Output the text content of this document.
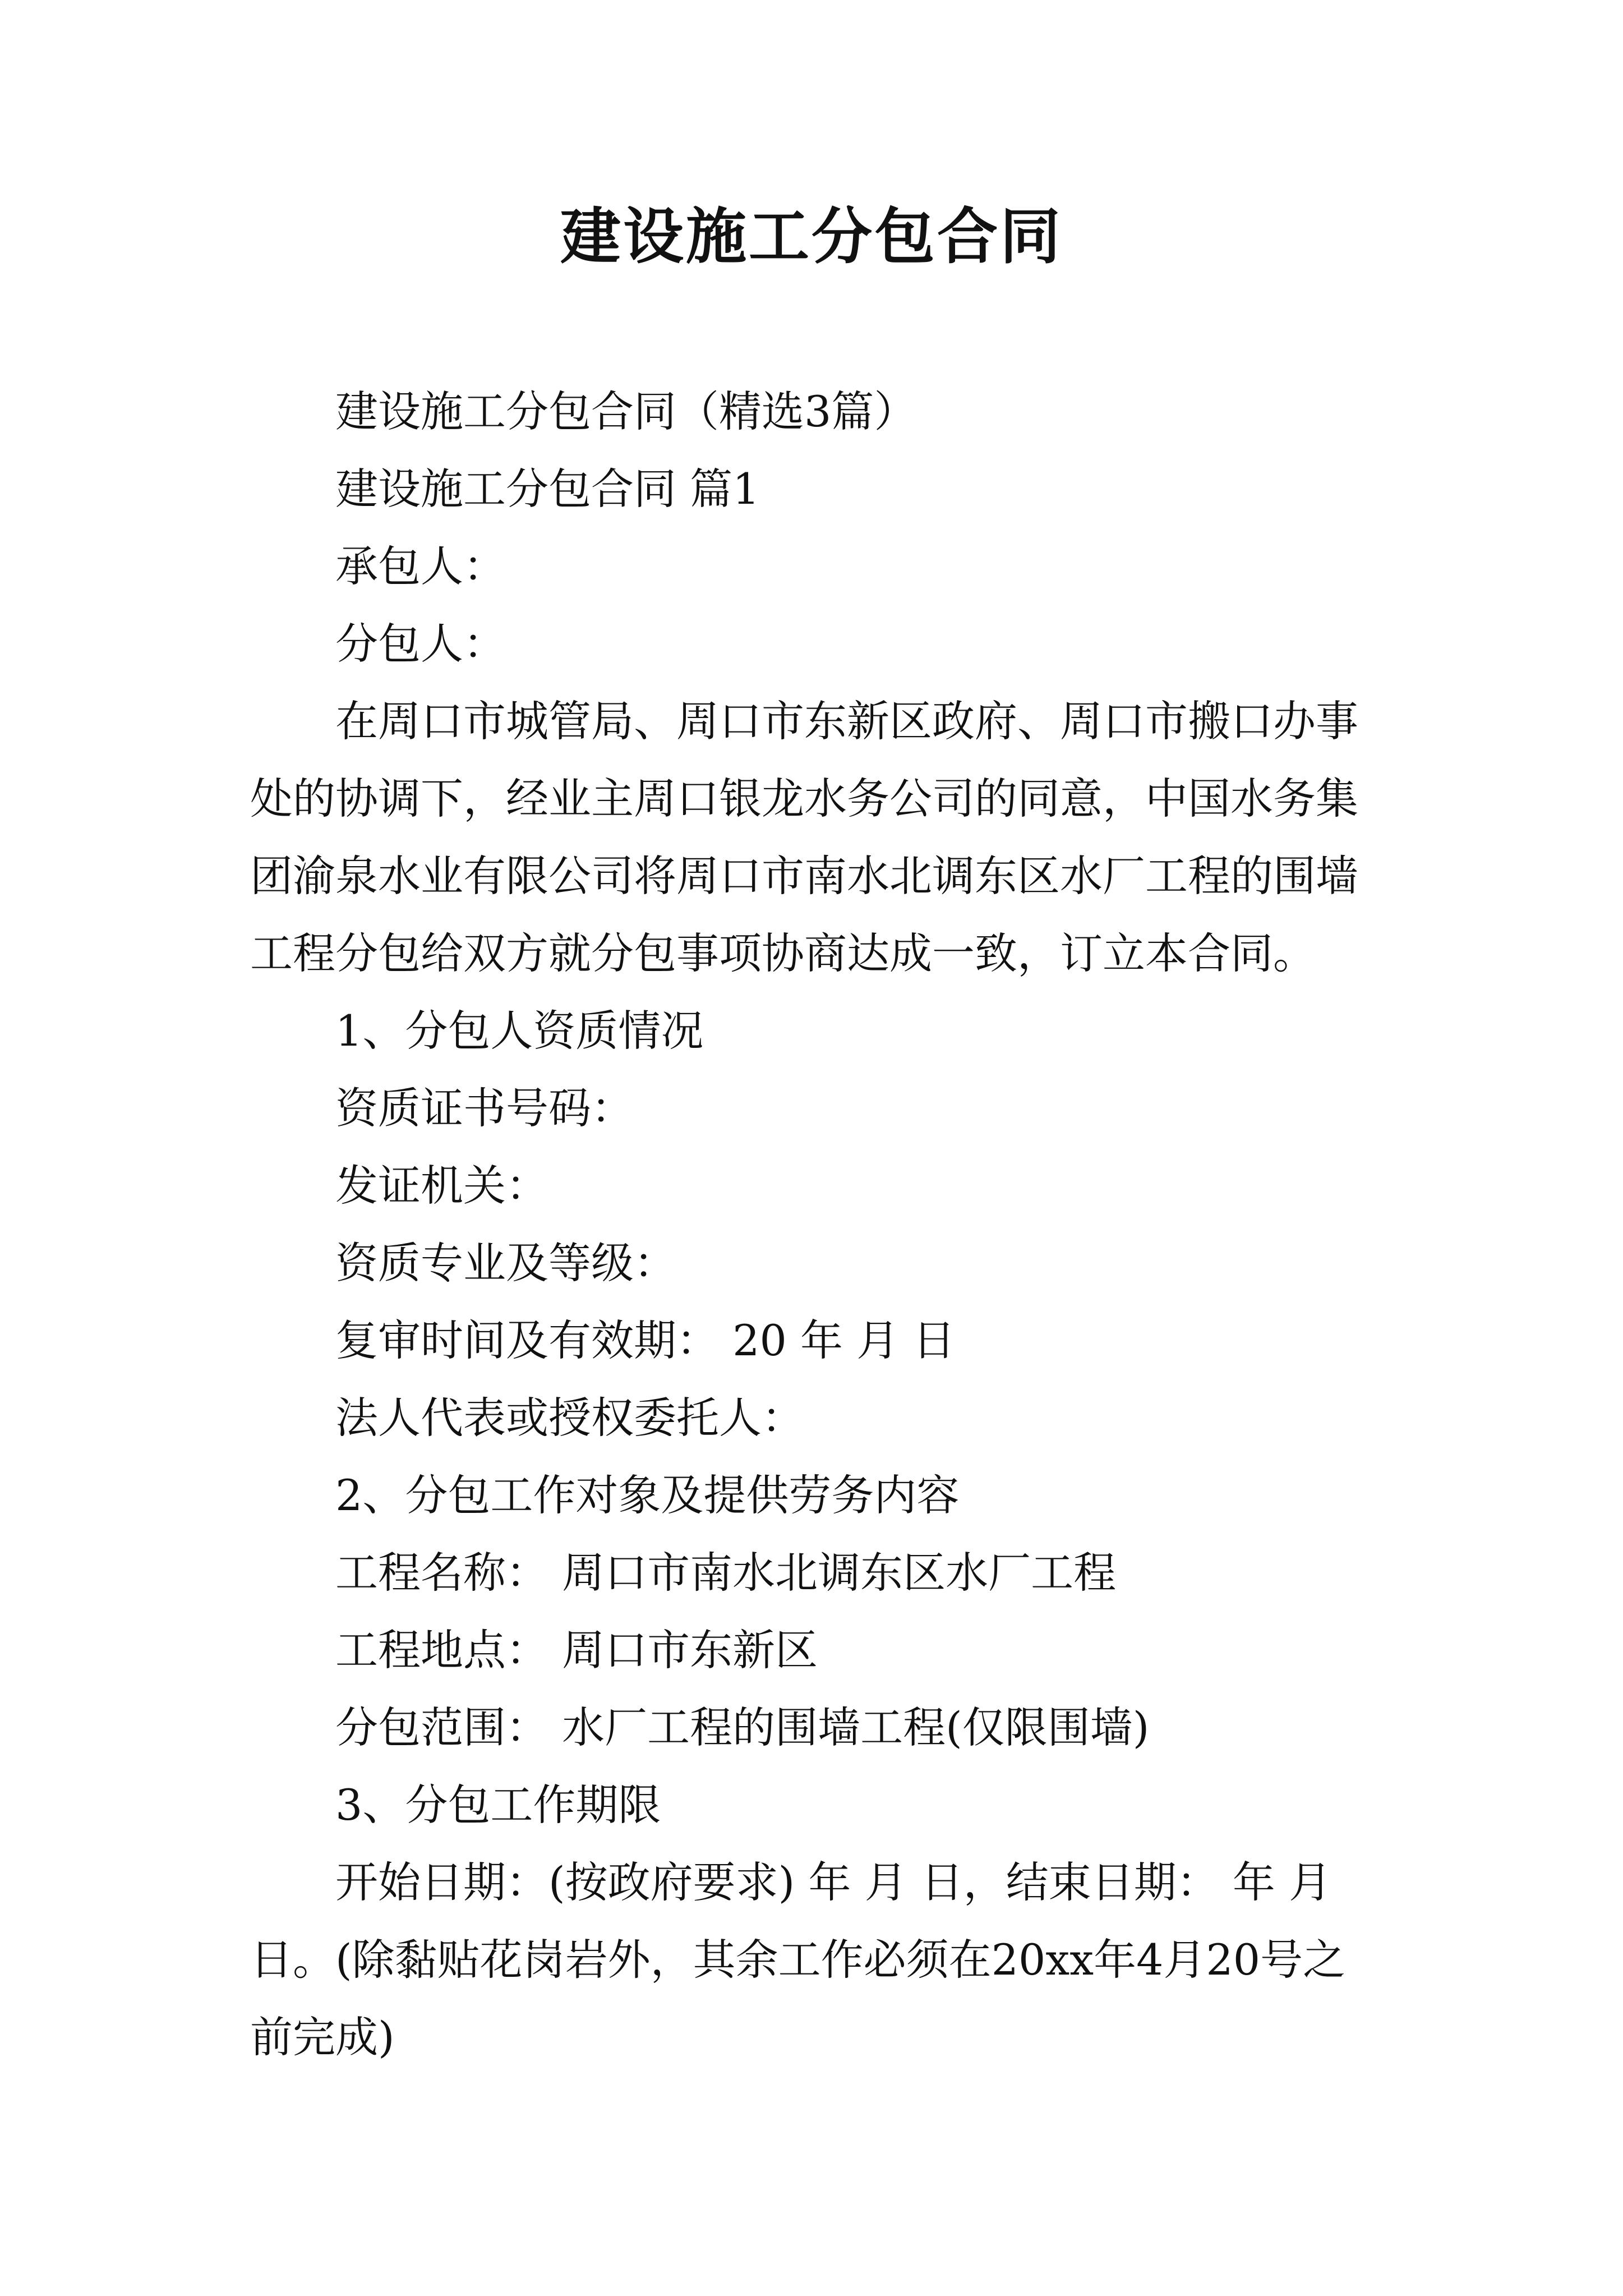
建设施工分包合同

建设施工分包合同（精选3篇）

建设施工分包合同 篇1

承包人：

分包人：

在周口市城管局、周口市东新区政府、周口市搬口办事处的协调下，经业主周口银龙水务公司的同意，中国水务集团渝泉水业有限公司将周口市南水北调东区水厂工程的围墙工程分包给双方就分包事项协商达成一致，订立本合同。

1、分包人资质情况

资质证书号码：

发证机关：

资质专业及等级：

复审时间及有效期： 20 年 月 日

法人代表或授权委托人：

2、分包工作对象及提供劳务内容

工程名称： 周口市南水北调东区水厂工程

工程地点： 周口市东新区

分包范围： 水厂工程的围墙工程(仅限围墙)

3、分包工作期限

开始日期：(按政府要求) 年 月 日，结束日期： 年 月 日。(除黏贴花岗岩外，其余工作必须在20xx年4月20号之前完成)
